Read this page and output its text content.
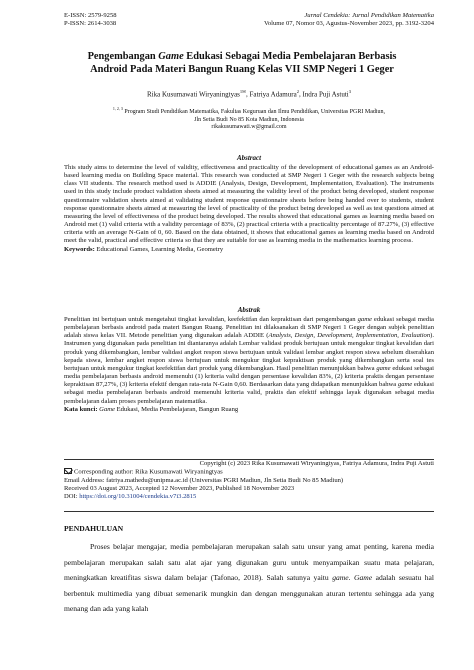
E-ISSN: 2579-9258
P-ISSN: 2614-3038
Jurnal Cendekia: Jurnal Pendidikan Matematika
Volume 07, Nomor 03, Agustus-November 2023, pp. 3192-3204
Pengembangan Game Edukasi Sebagai Media Pembelajaran Berbasis
Android Pada Materi Bangun Ruang Kelas VII SMP Negeri 1 Geger
Rika Kusumawati Wiryaningtyas$^{1✉}$, Fatriya Adamura$^2$, Indra Puji Astuti$^3$
$^{1, 2, 3}$ Program Studi Pendidikan Matematika, Fakultas Keguruan dan Ilmu Pendidikan, Universitas PGRI Madiun,
Jln Setia Budi No 85 Kota Madiun, Indonesia
rikakusumawati.w@gmail.com
Abstract
This study aims to determine the level of validity, effectiveness and practicality of the development of educational games as an Android-based learning media on Building Space material. This research was conducted at SMP Negeri 1 Geger with the research subjects being class VII students. The research method used is ADDIE (Analysis, Design, Development, Implementation, Evaluation). The instruments used in this study include product validation sheets aimed at measuring the validity level of the product being developed, student response questionnaire validation sheets aimed at validating student response questionnaire sheets before being handed over to students, student response questionnaire sheets aimed at measuring the level of practicality of the product being developed as well as test questions aimed at measuring the level of effectiveness of the product being developed. The results showed that educational games as learning media based on Android met (1) valid criteria with a validity percentage of 83%, (2) practical criteria with a practicality percentage of 87.27%, (3) effective criteria with an average N-Gain of 0, 60. Based on the data obtained, it shows that educational games as learning media based on Android meet the valid, practical and effective criteria so that they are suitable for use as learning media in the mathematics learning process.
Keywords: Educational Games, Learning Media, Geometry
Abstrak
Penelitian ini bertujuan untuk mengetahui tingkat kevalidan, keefektifan dan kepraktisan dari pengembangan game edukasi sebagai media pembelajaran berbasis android pada materi Bangun Ruang. Penelitian ini dilaksanakan di SMP Negeri 1 Geger dengan subjek penelitian adalah siswa kelas VII. Metode penelitian yang digunakan adalah ADDIE (Analysis, Design, Development, Implementation, Evaluation). Instrumen yang digunakan pada penelitian ini diantaranya adalah Lembar validasi produk bertujuan untuk mengukur tingkat kevalidan dari produk yang dikembangkan, lembar validasi angket respon siswa bertujuan untuk validasi lembar angket respon siswa sebelum diserahkan kepada siswa, lembar angket respon siswa bertujuan untuk mengukur tingkat kepraktisan produk yang dikembangkan serta soal tes bertujuan untuk mengukur tingkat keefektifan dari produk yang dikembangkan. Hasil penelitian menunjukkan bahwa game edukasi sebagai media pembelajaran berbasis android memenuhi (1) kriteria valid dengan persentase kevalidan 83%, (2) kriteria praktis dengan persentase kepraktisan 87,27%, (3) kriteria efektif dengan rata-rata N-Gain 0,60. Berdasarkan data yang didapatkan menunjukkan bahwa game edukasi sebagai media pembelajaran berbasis android memenuhi kriteria valid, praktis dan efektif sehingga layak digunakan sebagai media pembelajaran dalam proses pembelajaran matematika.
Kata kunci: Game Edukasi, Media Pembelajaran, Bangun Ruang
Copyright (c) 2023 Rika Kusumawati Wiryaningtyas, Fatriya Adamura, Indra Puji Astuti
Corresponding author: Rika Kusumawati Wiryaningtyas
Email Address: fatriya.mathedu@unipma.ac.id (Universitas PGRI Madiun, Jln Setia Budi No 85 Madiun)
Received 03 August 2023, Accepted 12 November 2023, Published 18 November 2023
DOI: https://doi.org/10.31004/cendekia.v7i3.2815
PENDAHULUAN
Proses belajar mengajar, media pembelajaran merupakan salah satu unsur yang amat penting, karena media pembelajaran merupakan salah satu alat ajar yang digunakan guru untuk menyampaikan suatu mata pelajaran, meningkatkan kreatifitas siswa dalam belajar (Tafonao, 2018). Salah satunya yaitu game. Game adalah sesuatu hal berbentuk multimedia yang dibuat semenarik mungkin dan dengan menggunakan aturan tertentu sehingga ada yang menang dan ada yang kalah
